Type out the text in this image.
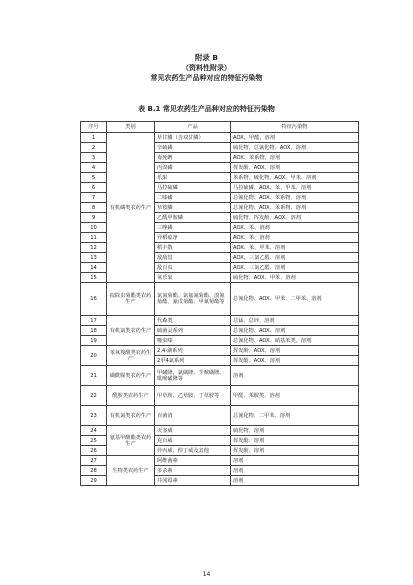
附录 B
（资料性附录）
常见农药生产品种对应的特征污染物
表 B.1 常见农药生产品种对应的特征污染物
序号	类别	产品	特征污染物
1	有机磷类农药生产	草甘膦（含双甘膦）	AOX、甲醛、溶剂
2		辛硫磷	硫化物、总氰化物、AOX、溶剂
3		毒死蜱	AOX、苯系物、溶剂
4		丙溴磷	挥发酚、AOX、溶剂
5		乐果	苯系物、硫化物、AOX、甲苯、溶剂
6		马拉硫磷	马拉硫磷、AOX、苯、甲苯、溶剂
7		二嗪磷	总氰化物、AOX、苯系物、溶剂
8		草铵膦	总氰化物、AOX、苯系物、溶剂
9		乙酰甲胺磷	硫化物、挥发酚、AOX、溶剂
10		三唑磷	AOX、苯、溶剂
11		异稻瘟净	AOX、苯、溶剂
12		稻丰散	AOX、苯、甲苯、溶剂
13		敌敌畏	AOX、三氯乙醛、溶剂
14		敌百虫	AOX、三氯乙醛、溶剂
15		氧乐果	硫化物、AOX、甲苯、溶剂
16	拟除虫菊酯类农药生产	氯氰菊酯、氯氟氰菊酯、溴氰菊酯、氰戊菊酯、甲氰菊酯等	总氰化物、AOX、甲苯、二甲苯、溶剂
17	有机氯类农药生产	代森类	总锰、总锌、溶剂
18		硫菌灵系列	总氰化物、AOX、溶剂
19		噻虫嗪	总氰化物、AOX、硝基苯类、溶剂
20	苯氧羧酸类农药生产	2,4-滴系列	挥发酚、AOX、溶剂
		2甲4氯系列	挥发酚、AOX、溶剂
21	磺酰脲类农药生产	甲磺隆、氯磺隆、苄嘧磺隆、吡嘧磺隆等	溶剂
22	酰胺类农药生产	甲草胺、乙草胺、丁草胺等	甲醛、苯胺类、溶剂
23	有机氮类农药生产	百菌清	总氰化物、二甲苯、溶剂
24	氨基甲酸酯类农药生产	灭多威	硫化物、溶剂
25		克百威	挥发酚、溶剂
26		异丙威、仲丁威及其他	挥发酚、溶剂
27	生物类农药生产	阿维菌素	溶剂
28		多杀素	溶剂
29		井冈霉素	溶剂
14
